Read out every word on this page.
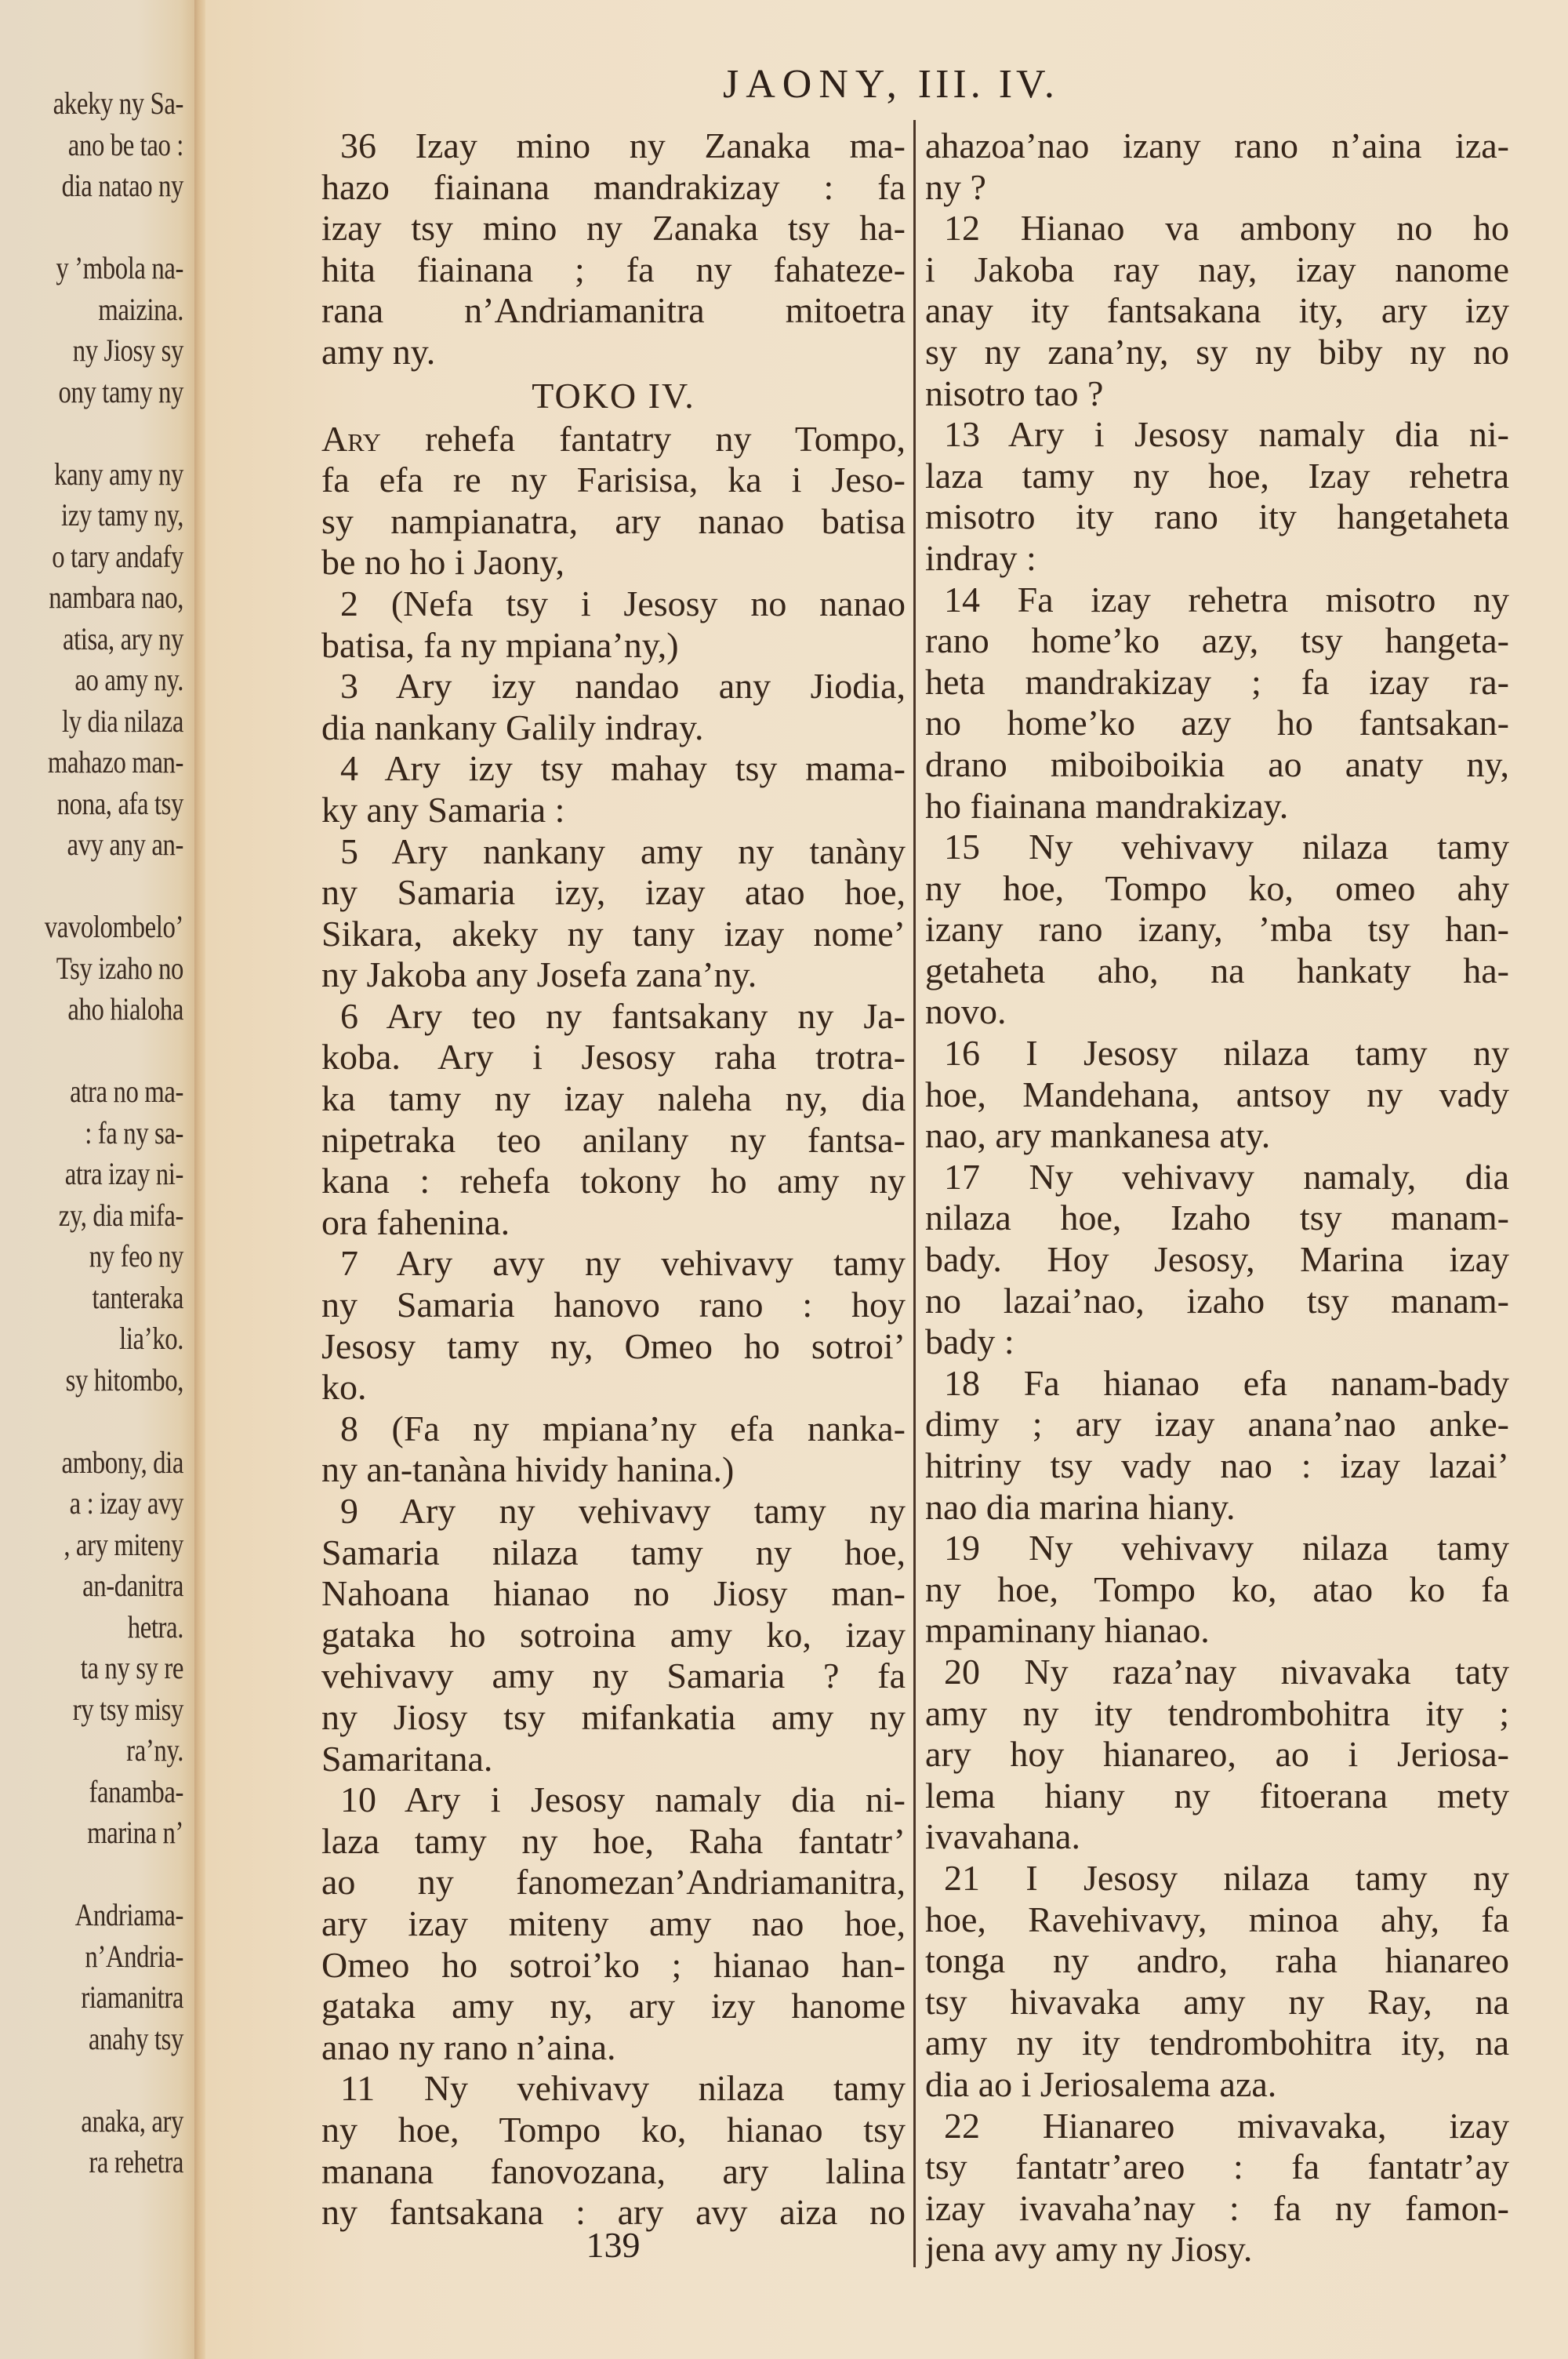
akeky ny Sa-
ano be tao :
dia natao ny
y ’mbola na-
maizina.
ny Jiosy sy
ony tamy ny
kany amy ny
izy tamy ny,
o tary andafy
nambara nao,
atisa, ary ny
ao amy ny.
ly dia nilaza
mahazo man-
nona, afa tsy
avy any an-
vavolombelo’
Tsy izaho no
aho hialoha
atra no ma-
: fa ny sa-
atra izay ni-
zy, dia mifa-
ny feo ny
tanteraka
lia’ko.
sy hitombo,
ambony, dia
a : izay avy
, ary miteny
an-danitra
hetra.
ta ny sy re
ry tsy misy
ra’ny.
fanamba-
marina n’
Andriama-
n’Andria-
riamanitra
anahy tsy
anaka, ary
ra rehetra
JAONY, III. IV.
36 Izay mino ny Zanaka ma-
hazo fiainana mandrakizay : fa
izay tsy mino ny Zanaka tsy ha-
hita fiainana ; fa ny fahateze-
rana n’Andriamanitra mitoetra
amy ny.
TOKO IV.
Ary rehefa fantatry ny Tompo,
fa efa re ny Farisisa, ka i Jeso-
sy nampianatra, ary nanao batisa
be no ho i Jaony,
2 (Nefa tsy i Jesosy no nanao
batisa, fa ny mpiana’ny,)
3 Ary izy nandao any Jiodia,
dia nankany Galily indray.
4 Ary izy tsy mahay tsy mama-
ky any Samaria :
5 Ary nankany amy ny tanàny
ny Samaria izy, izay atao hoe,
Sikara, akeky ny tany izay nome’
ny Jakoba any Josefa zana’ny.
6 Ary teo ny fantsakany ny Ja-
koba. Ary i Jesosy raha trotra-
ka tamy ny izay naleha ny, dia
nipetraka teo anilany ny fantsa-
kana : rehefa tokony ho amy ny
ora fahenina.
7 Ary avy ny vehivavy tamy
ny Samaria hanovo rano : hoy
Jesosy tamy ny, Omeo ho sotroi’
ko.
8 (Fa ny mpiana’ny efa nanka-
ny an-tanàna hividy hanina.)
9 Ary ny vehivavy tamy ny
Samaria nilaza tamy ny hoe,
Nahoana hianao no Jiosy man-
gataka ho sotroina amy ko, izay
vehivavy amy ny Samaria ? fa
ny Jiosy tsy mifankatia amy ny
Samaritana.
10 Ary i Jesosy namaly dia ni-
laza tamy ny hoe, Raha fantatr’
ao ny fanomezan’Andriamanitra,
ary izay miteny amy nao hoe,
Omeo ho sotroi’ko ; hianao han-
gataka amy ny, ary izy hanome
anao ny rano n’aina.
11 Ny vehivavy nilaza tamy
ny hoe, Tompo ko, hianao tsy
manana fanovozana, ary lalina
ny fantsakana : ary avy aiza no
ahazoa’nao izany rano n’aina iza-
ny ?
12 Hianao va ambony no ho
i Jakoba ray nay, izay nanome
anay ity fantsakana ity, ary izy
sy ny zana’ny, sy ny biby ny no
nisotro tao ?
13 Ary i Jesosy namaly dia ni-
laza tamy ny hoe, Izay rehetra
misotro ity rano ity hangetaheta
indray :
14 Fa izay rehetra misotro ny
rano home’ko azy, tsy hangeta-
heta mandrakizay ; fa izay ra-
no home’ko azy ho fantsakan-
drano miboiboikia ao anaty ny,
ho fiainana mandrakizay.
15 Ny vehivavy nilaza tamy
ny hoe, Tompo ko, omeo ahy
izany rano izany, ’mba tsy han-
getaheta aho, na hankaty ha-
novo.
16 I Jesosy nilaza tamy ny
hoe, Mandehana, antsoy ny vady
nao, ary mankanesa aty.
17 Ny vehivavy namaly, dia
nilaza hoe, Izaho tsy manam-
bady. Hoy Jesosy, Marina izay
no lazai’nao, izaho tsy manam-
bady :
18 Fa hianao efa nanam-bady
dimy ; ary izay anana’nao anke-
hitriny tsy vady nao : izay lazai’
nao dia marina hiany.
19 Ny vehivavy nilaza tamy
ny hoe, Tompo ko, atao ko fa
mpaminany hianao.
20 Ny raza’nay nivavaka taty
amy ny ity tendrombohitra ity ;
ary hoy hianareo, ao i Jeriosa-
lema hiany ny fitoerana mety
ivavahana.
21 I Jesosy nilaza tamy ny
hoe, Ravehivavy, minoa ahy, fa
tonga ny andro, raha hianareo
tsy hivavaka amy ny Ray, na
amy ny ity tendrombohitra ity, na
dia ao i Jeriosalema aza.
22 Hianareo mivavaka, izay
tsy fantatr’areo : fa fantatr’ay
izay ivavaha’nay : fa ny famon-
jena avy amy ny Jiosy.
139
